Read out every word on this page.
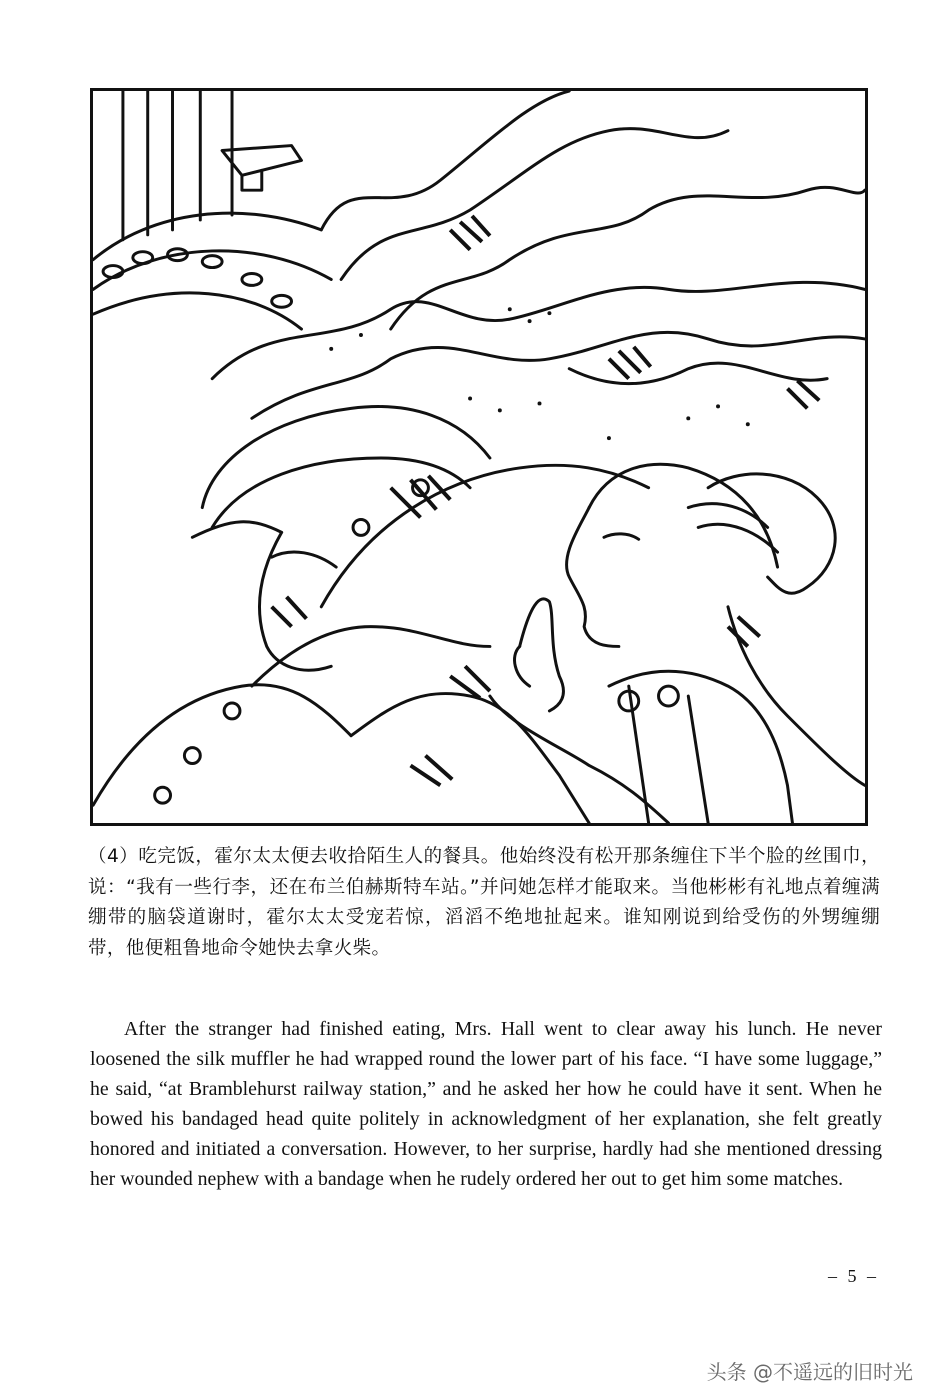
（4）吃完饭，霍尔太太便去收拾陌生人的餐具。他始终没有松开那条缠住下半个脸的丝围巾，说：“我有一些行李，还在布兰伯赫斯特车站。”并问她怎样才能取来。当他彬彬有礼地点着缠满绷带的脑袋道谢时，霍尔太太受宠若惊，滔滔不绝地扯起来。谁知刚说到给受伤的外甥缠绷带，他便粗鲁地命令她快去拿火柴。

After the stranger had finished eating, Mrs. Hall went to clear away his lunch. He never loosened the silk muffler he had wrapped round the lower part of his face. “I have some luggage,” he said, “at Bramblehurst railway station,” and he asked her how he could have it sent. When he bowed his bandaged head quite politely in acknowledgment of her explanation, she felt greatly honored and initiated a conversation. However, to her surprise, hardly had she mentioned dressing her wounded nephew with a bandage when he rudely ordered her out to get him some matches.

– 5 –
头条 @不遥远的旧时光
